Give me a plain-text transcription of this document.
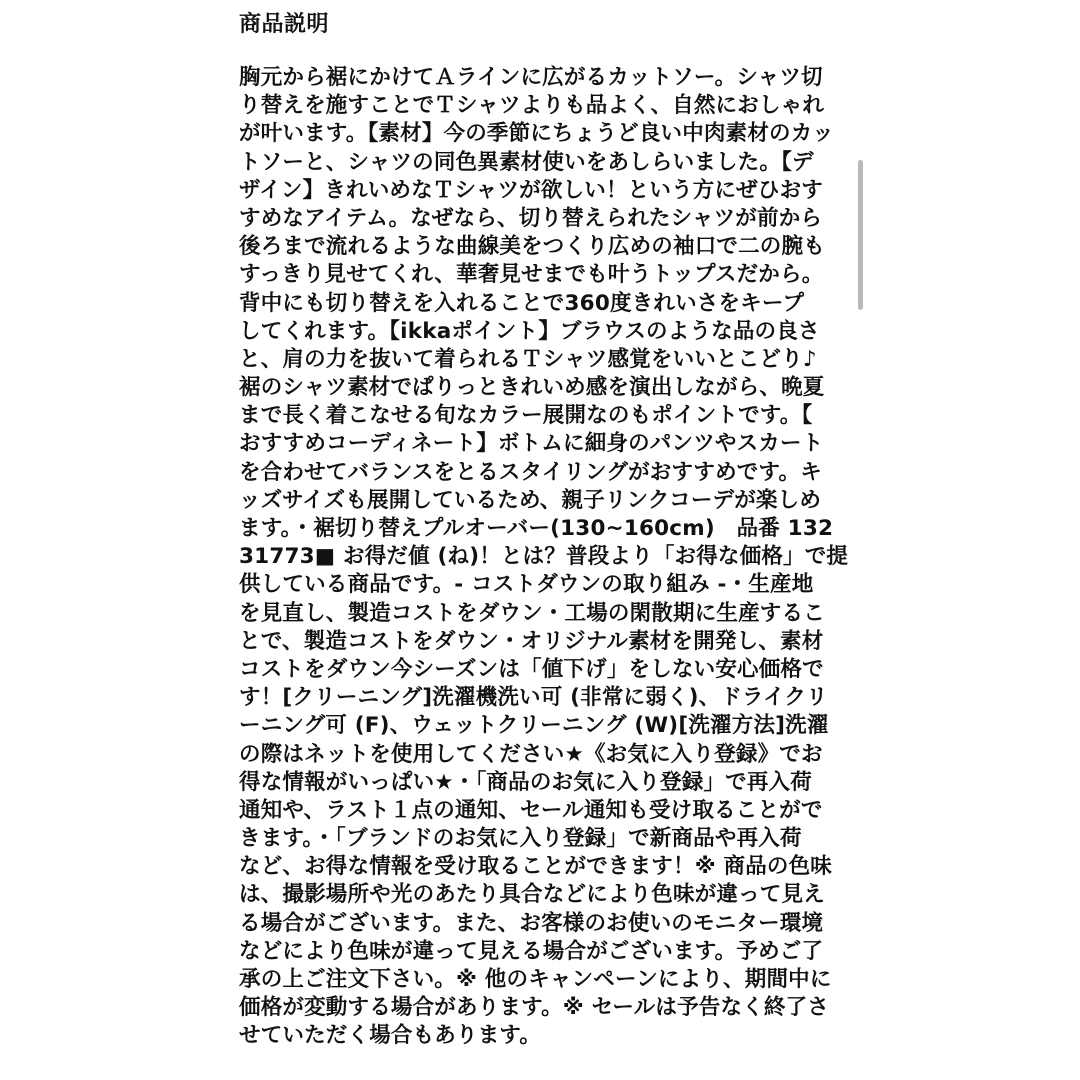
商品説明
胸元から裾にかけてＡラインに広がるカットソー。シャツ切
り替えを施すことでＴシャツよりも品よく、自然におしゃれ
が叶います。【素材】今の季節にちょうど良い中肉素材のカッ
トソーと、シャツの同色異素材使いをあしらいました。【デ
ザイン】きれいめなＴシャツが欲しい！という方にぜひおす
すめなアイテム。なぜなら、切り替えられたシャツが前から
後ろまで流れるような曲線美をつくり広めの袖口で二の腕も
すっきり見せてくれ、華奢見せまでも叶うトップスだから。
背中にも切り替えを入れることで360度きれいさをキープ
してくれます。【ikkaポイント】ブラウスのような品の良さ
と、肩の力を抜いて着られるＴシャツ感覚をいいとこどり♪
裾のシャツ素材でぱりっときれいめ感を演出しながら、晩夏
まで長く着こなせる旬なカラー展開なのもポイントです。【
おすすめコーディネート】ボトムに細身のパンツやスカート
を合わせてバランスをとるスタイリングがおすすめです。キ
ッズサイズも展開しているため、親子リンクコーデが楽しめ
ます。・裾切り替えプルオーバー(130~160cm)　品番 132
31773■ お得だ値 (ね)！とは？普段より「お得な価格」で提
供している商品です。- コストダウンの取り組み -・生産地
を見直し、製造コストをダウン・工場の閑散期に生産するこ
とで、製造コストをダウン・オリジナル素材を開発し、素材
コストをダウン今シーズンは「値下げ」をしない安心価格で
す！[クリーニング]洗濯機洗い可 (非常に弱く)、ドライクリ
ーニング可 (F)、ウェットクリーニング (W)[洗濯方法]洗濯
の際はネットを使用してください★《お気に入り登録》でお
得な情報がいっぱい★・「商品のお気に入り登録」で再入荷
通知や、ラスト１点の通知、セール通知も受け取ることがで
きます。・「ブランドのお気に入り登録」で新商品や再入荷
など、お得な情報を受け取ることができます！※ 商品の色味
は、撮影場所や光のあたり具合などにより色味が違って見え
る場合がございます。また、お客様のお使いのモニター環境
などにより色味が違って見える場合がございます。予めご了
承の上ご注文下さい。※ 他のキャンペーンにより、期間中に
価格が変動する場合があります。※ セールは予告なく終了さ
せていただく場合もあります。
